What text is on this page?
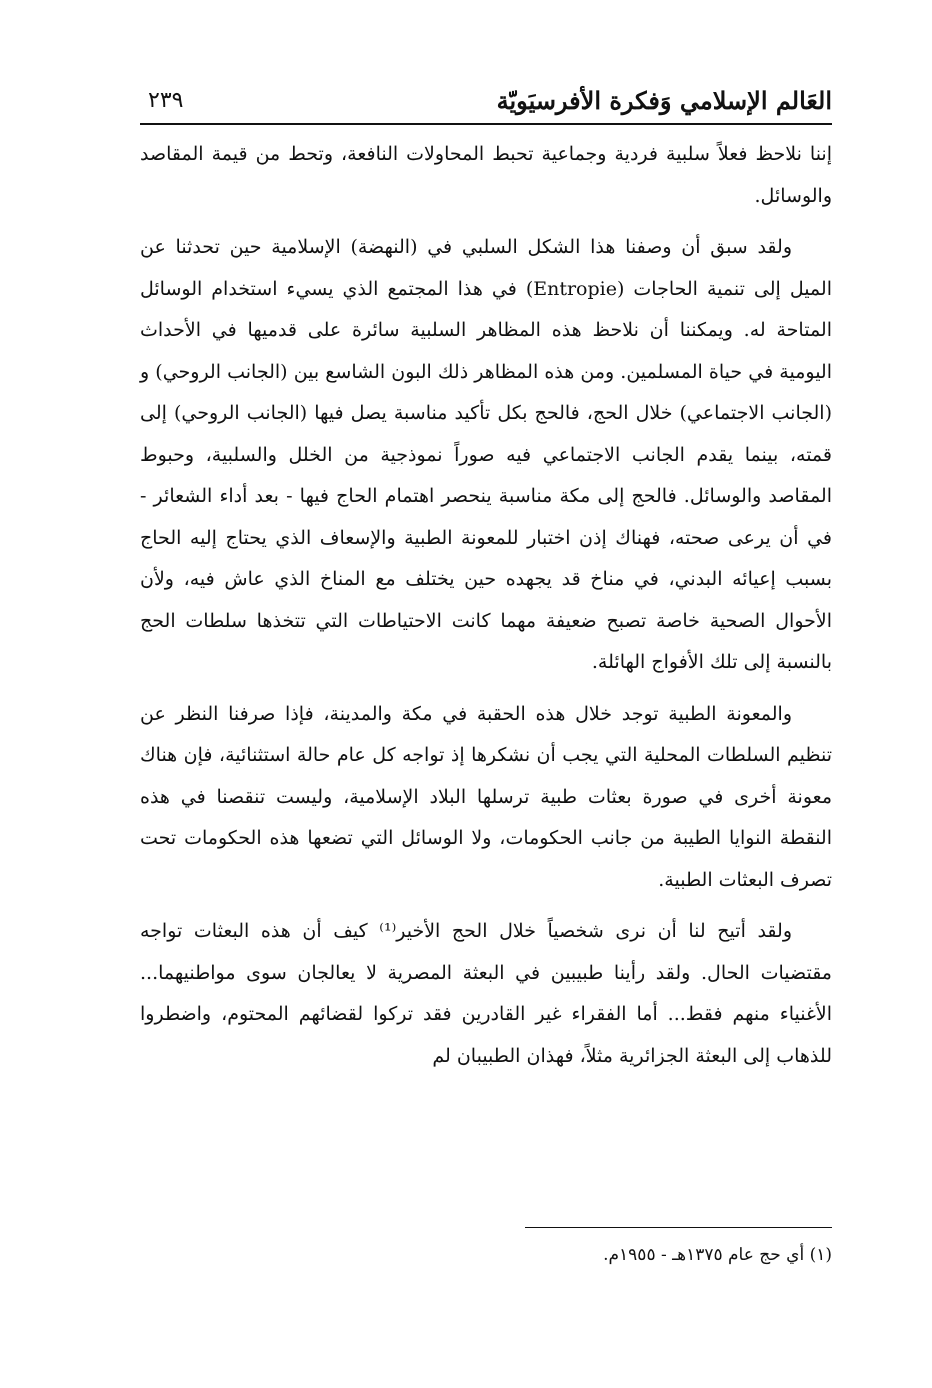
العَالم الإسلامي وَفكرة الأفرسيَويّة
٢٣٩

إننا نلاحظ فعلاً سلبية فردية وجماعية تحبط المحاولات النافعة، وتحط من قيمة المقاصد والوسائل.

ولقد سبق أن وصفنا هذا الشكل السلبي في (النهضة) الإسلامية حين تحدثنا عن الميل إلى تنمية الحاجات (Entropie) في هذا المجتمع الذي يسيء استخدام الوسائل المتاحة له. ويمكننا أن نلاحظ هذه المظاهر السلبية سائرة على قدميها في الأحداث اليومية في حياة المسلمين. ومن هذه المظاهر ذلك البون الشاسع بين (الجانب الروحي) و (الجانب الاجتماعي) خلال الحج، فالحج بكل تأكيد مناسبة يصل فيها (الجانب الروحي) إلى قمته، بينما يقدم الجانب الاجتماعي فيه صوراً نموذجية من الخلل والسلبية، وحبوط المقاصد والوسائل. فالحج إلى مكة مناسبة ينحصر اهتمام الحاج فيها - بعد أداء الشعائر - في أن يرعى صحته، فهناك إذن اختبار للمعونة الطبية والإسعاف الذي يحتاج إليه الحاج بسبب إعيائه البدني، في مناخ قد يجهده حين يختلف مع المناخ الذي عاش فيه، ولأن الأحوال الصحية خاصة تصبح ضعيفة مهما كانت الاحتياطات التي تتخذها سلطات الحج بالنسبة إلى تلك الأفواج الهائلة.

والمعونة الطبية توجد خلال هذه الحقبة في مكة والمدينة، فإذا صرفنا النظر عن تنظيم السلطات المحلية التي يجب أن نشكرها إذ تواجه كل عام حالة استثنائية، فإن هناك معونة أخرى في صورة بعثات طبية ترسلها البلاد الإسلامية، وليست تنقصنا في هذه النقطة النوايا الطيبة من جانب الحكومات، ولا الوسائل التي تضعها هذه الحكومات تحت تصرف البعثات الطبية.

ولقد أتيح لنا أن نرى شخصياً خلال الحج الأخير⁽¹⁾ كيف أن هذه البعثات تواجه مقتضيات الحال. ولقد رأينا طبيبين في البعثة المصرية لا يعالجان سوى مواطنيهما... الأغنياء منهم فقط... أما الفقراء غير القادرين فقد تركوا لقضائهم المحتوم، واضطروا للذهاب إلى البعثة الجزائرية مثلاً، فهذان الطبيبان لم

(١) أي حج عام ١٣٧٥هـ - ١٩٥٥م.
